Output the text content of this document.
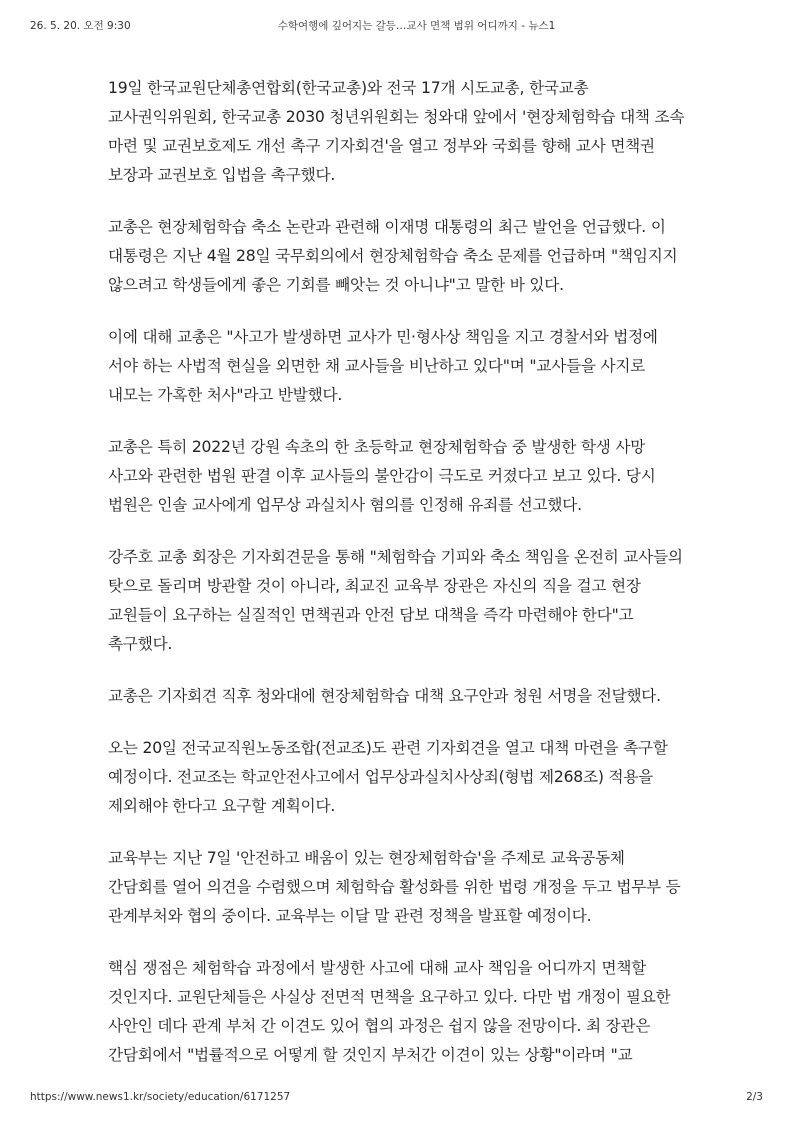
26. 5. 20. 오전 9:30	수학여행에 깊어지는 갈등…교사 면책 범위 어디까지 - 뉴스1

19일 한국교원단체총연합회(한국교총)와 전국 17개 시도교총, 한국교총 교사권익위원회, 한국교총 2030 청년위원회는 청와대 앞에서 '현장체험학습 대책 조속 마련 및 교권보호제도 개선 촉구 기자회견'을 열고 정부와 국회를 향해 교사 면책권 보장과 교권보호 입법을 촉구했다.

교총은 현장체험학습 축소 논란과 관련해 이재명 대통령의 최근 발언을 언급했다. 이 대통령은 지난 4월 28일 국무회의에서 현장체험학습 축소 문제를 언급하며 "책임지지 않으려고 학생들에게 좋은 기회를 빼앗는 것 아니냐"고 말한 바 있다.

이에 대해 교총은 "사고가 발생하면 교사가 민·형사상 책임을 지고 경찰서와 법정에 서야 하는 사법적 현실을 외면한 채 교사들을 비난하고 있다"며 "교사들을 사지로 내모는 가혹한 처사"라고 반발했다.

교총은 특히 2022년 강원 속초의 한 초등학교 현장체험학습 중 발생한 학생 사망 사고와 관련한 법원 판결 이후 교사들의 불안감이 극도로 커졌다고 보고 있다. 당시 법원은 인솔 교사에게 업무상 과실치사 혐의를 인정해 유죄를 선고했다.

강주호 교총 회장은 기자회견문을 통해 "체험학습 기피와 축소 책임을 온전히 교사들의 탓으로 돌리며 방관할 것이 아니라, 최교진 교육부 장관은 자신의 직을 걸고 현장 교원들이 요구하는 실질적인 면책권과 안전 담보 대책을 즉각 마련해야 한다"고 촉구했다.

교총은 기자회견 직후 청와대에 현장체험학습 대책 요구안과 청원 서명을 전달했다.

오는 20일 전국교직원노동조합(전교조)도 관련 기자회견을 열고 대책 마련을 촉구할 예정이다. 전교조는 학교안전사고에서 업무상과실치사상죄(형법 제268조) 적용을 제외해야 한다고 요구할 계획이다.

교육부는 지난 7일 '안전하고 배움이 있는 현장체험학습'을 주제로 교육공동체 간담회를 열어 의견을 수렴했으며 체험학습 활성화를 위한 법령 개정을 두고 법무부 등 관계부처와 협의 중이다. 교육부는 이달 말 관련 정책을 발표할 예정이다.

핵심 쟁점은 체험학습 과정에서 발생한 사고에 대해 교사 책임을 어디까지 면책할 것인지다. 교원단체들은 사실상 전면적 면책을 요구하고 있다. 다만 법 개정이 필요한 사안인 데다 관계 부처 간 이견도 있어 협의 과정은 쉽지 않을 전망이다. 최 장관은 간담회에서 "법률적으로 어떻게 할 것인지 부처간 이견이 있는 상황"이라며 "교

https://www.news1.kr/society/education/6171257	2/3
